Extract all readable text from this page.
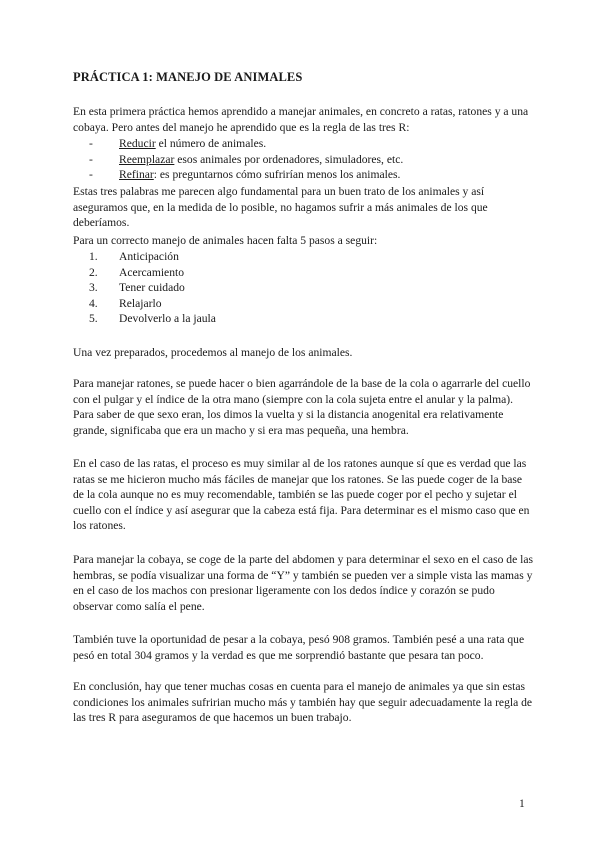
PRÁCTICA 1: MANEJO DE ANIMALES
En esta primera práctica hemos aprendido a manejar animales, en concreto a ratas, ratones y a una cobaya. Pero antes del manejo he aprendido que es la regla de las tres R:
-	Reducir el número de animales.
-	Reemplazar esos animales por ordenadores, simuladores, etc.
-	Refinar: es preguntarnos cómo sufrirían menos los animales.
Estas tres palabras me parecen algo fundamental para un buen trato de los animales y así aseguramos que, en la medida de lo posible, no hagamos sufrir a más animales de los que deberíamos.
Para un correcto manejo de animales hacen falta 5 pasos a seguir:
1.	Anticipación
2.	Acercamiento
3.	Tener cuidado
4.	Relajarlo
5.	Devolverlo a la jaula
Una vez preparados, procedemos al manejo de los animales.
Para manejar ratones, se puede hacer o bien agarrándole de la base de la cola o agarrarle del cuello con el pulgar y el índice de la otra mano (siempre con la cola sujeta entre el anular y la palma). Para saber de que sexo eran, los dimos la vuelta y si la distancia anogenital era relativamente grande, significaba que era un macho y si era mas pequeña, una hembra.
En el caso de las ratas, el proceso es muy similar al de los ratones aunque sí que es verdad que las ratas se me hicieron mucho más fáciles de manejar que los ratones. Se las puede coger de la base de la cola aunque no es muy recomendable, también se las puede coger por el pecho y sujetar el cuello con el índice y así asegurar que la cabeza está fija. Para determinar es el mismo caso que en los ratones.
Para manejar la cobaya, se coge de la parte del abdomen y para determinar el sexo en el caso de las hembras, se podía visualizar una forma de “Y” y también se pueden ver a simple vista las mamas y en el caso de los machos con presionar ligeramente con los dedos índice y corazón se pudo observar como salía el pene.
También tuve la oportunidad de pesar a la cobaya, pesó 908 gramos. También pesé a una rata que pesó en total 304 gramos y la verdad es que me sorprendió bastante que pesara tan poco.
En conclusión, hay que tener muchas cosas en cuenta para el manejo de animales ya que sin estas condiciones los animales sufririan mucho más y también hay que seguir adecuadamente la regla de las tres R para aseguramos de que hacemos un buen trabajo.
1
